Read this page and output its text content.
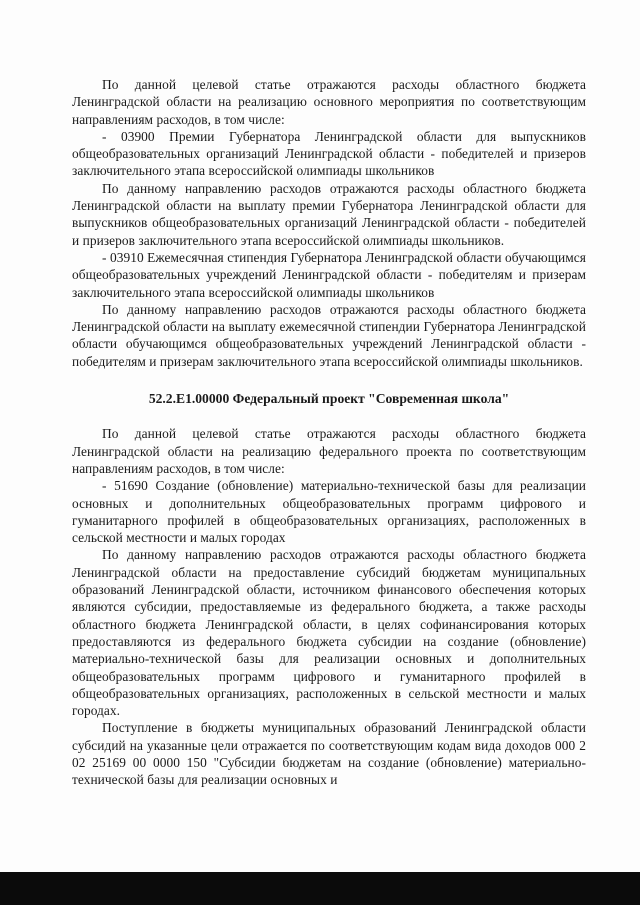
По данной целевой статье отражаются расходы областного бюджета Ленинградской области на реализацию основного мероприятия по соответствующим направлениям расходов, в том числе:

- 03900 Премии Губернатора Ленинградской области для выпускников общеобразовательных организаций Ленинградской области - победителей и призеров заключительного этапа всероссийской олимпиады школьников

По данному направлению расходов отражаются расходы областного бюджета Ленинградской области на выплату премии Губернатора Ленинградской области для выпускников общеобразовательных организаций Ленинградской области - победителей и призеров заключительного этапа всероссийской олимпиады школьников.

- 03910 Ежемесячная стипендия Губернатора Ленинградской области обучающимся общеобразовательных учреждений Ленинградской области - победителям и призерам заключительного этапа всероссийской олимпиады школьников

По данному направлению расходов отражаются расходы областного бюджета Ленинградской области на выплату ежемесячной стипендии Губернатора Ленинградской области обучающимся общеобразовательных учреждений Ленинградской области - победителям и призерам заключительного этапа всероссийской олимпиады школьников.

52.2.E1.00000 Федеральный проект "Современная школа"

По данной целевой статье отражаются расходы областного бюджета Ленинградской области на реализацию федерального проекта по соответствующим направлениям расходов, в том числе:

- 51690 Создание (обновление) материально-технической базы для реализации основных и дополнительных общеобразовательных программ цифрового и гуманитарного профилей в общеобразовательных организациях, расположенных в сельской местности и малых городах

По данному направлению расходов отражаются расходы областного бюджета Ленинградской области на предоставление субсидий бюджетам муниципальных образований Ленинградской области, источником финансового обеспечения которых являются субсидии, предоставляемые из федерального бюджета, а также расходы областного бюджета Ленинградской области, в целях софинансирования которых предоставляются из федерального бюджета субсидии на создание (обновление) материально-технической базы для реализации основных и дополнительных общеобразовательных программ цифрового и гуманитарного профилей в общеобразовательных организациях, расположенных в сельской местности и малых городах.

Поступление в бюджеты муниципальных образований Ленинградской области субсидий на указанные цели отражается по соответствующим кодам вида доходов 000 2 02 25169 00 0000 150 "Субсидии бюджетам на создание (обновление) материально-технической базы для реализации основных и
